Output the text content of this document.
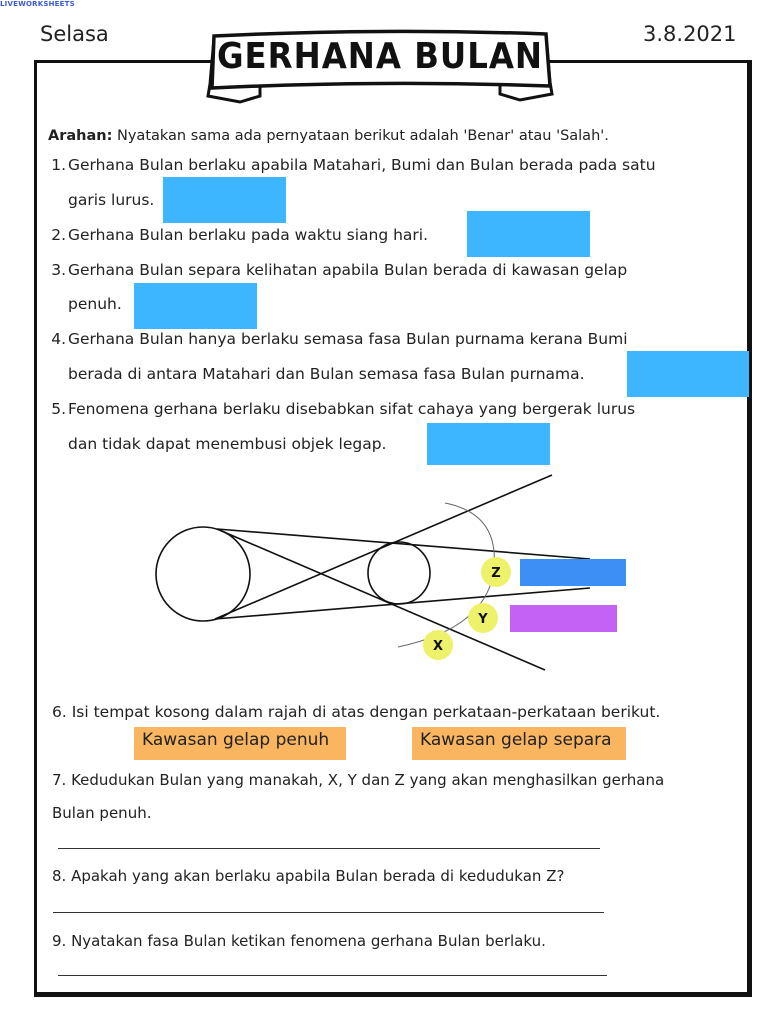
LIVEWORKSHEETS
Selasa	3.8.2021
GERHANA BULAN
Arahan: Nyatakan sama ada pernyataan berikut adalah 'Benar' atau 'Salah'.
1. Gerhana Bulan berlaku apabila Matahari, Bumi dan Bulan berada pada satu
garis lurus.
2. Gerhana Bulan berlaku pada waktu siang hari.
3. Gerhana Bulan separa kelihatan apabila Bulan berada di kawasan gelap
penuh.
4. Gerhana Bulan hanya berlaku semasa fasa Bulan purnama kerana Bumi
berada di antara Matahari dan Bulan semasa fasa Bulan purnama.
5. Fenomena gerhana berlaku disebabkan sifat cahaya yang bergerak lurus
dan tidak dapat menembusi objek legap.
Z
Y
X
6. Isi tempat kosong dalam rajah di atas dengan perkataan-perkataan berikut.
Kawasan gelap penuh	Kawasan gelap separa
7. Kedudukan Bulan yang manakah, X, Y dan Z yang akan menghasilkan gerhana
Bulan penuh.
8. Apakah yang akan berlaku apabila Bulan berada di kedudukan Z?
9. Nyatakan fasa Bulan ketikan fenomena gerhana Bulan berlaku.
